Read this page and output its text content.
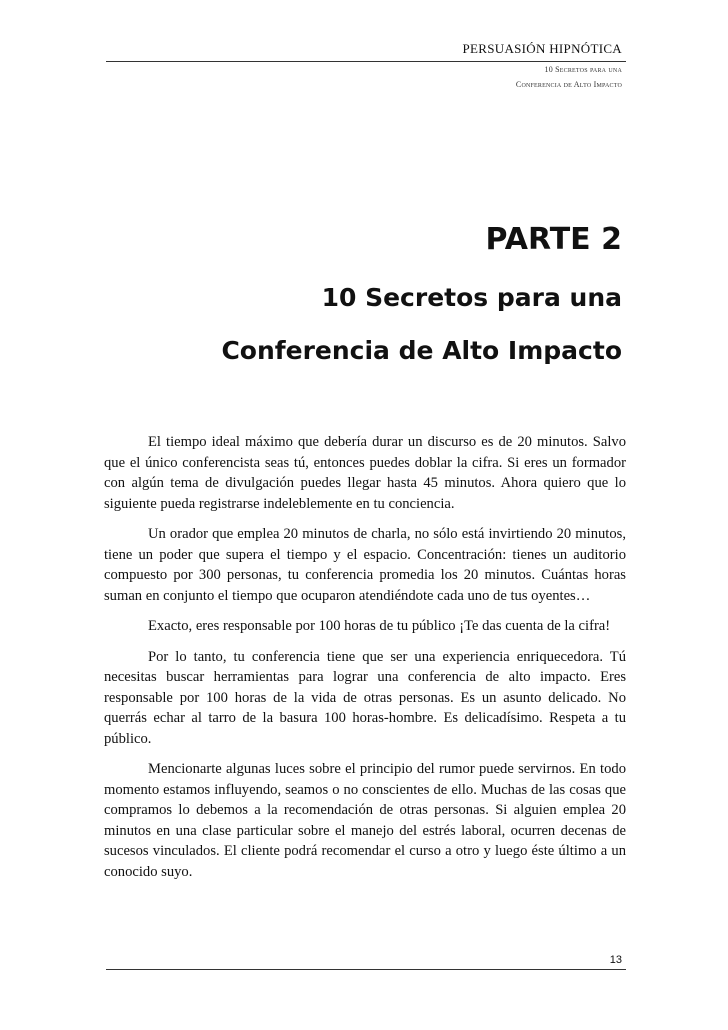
PERSUASIÓN HIPNÓTICA
10 Secretos para una
Conferencia de Alto Impacto
PARTE 2
10 Secretos para una
Conferencia de Alto Impacto

El tiempo ideal máximo que debería durar un discurso es de 20 minutos. Salvo que el único conferencista seas tú, entonces puedes doblar la cifra. Si eres un formador con algún tema de divulgación puedes llegar hasta 45 minutos. Ahora quiero que lo siguiente pueda registrarse indeleblemente en tu conciencia.

Un orador que emplea 20 minutos de charla, no sólo está invirtiendo 20 minutos, tiene un poder que supera el tiempo y el espacio. Concentración: tienes un auditorio compuesto por 300 personas, tu conferencia promedia los 20 minutos. Cuántas horas suman en conjunto el tiempo que ocuparon atendiéndote cada uno de tus oyentes…

Exacto, eres responsable por 100 horas de tu público ¡Te das cuenta de la cifra!

Por lo tanto, tu conferencia tiene que ser una experiencia enriquecedora. Tú necesitas buscar herramientas para lograr una conferencia de alto impacto. Eres responsable por 100 horas de la vida de otras personas. Es un asunto delicado. No querrás echar al tarro de la basura 100 horas-hombre. Es delicadísimo. Respeta a tu público.

Mencionarte algunas luces sobre el principio del rumor puede servirnos. En todo momento estamos influyendo, seamos o no conscientes de ello. Muchas de las cosas que compramos lo debemos a la recomendación de otras personas. Si alguien emplea 20 minutos en una clase particular sobre el manejo del estrés laboral, ocurren decenas de sucesos vinculados. El cliente podrá recomendar el curso a otro y luego éste último a un conocido suyo.

13
